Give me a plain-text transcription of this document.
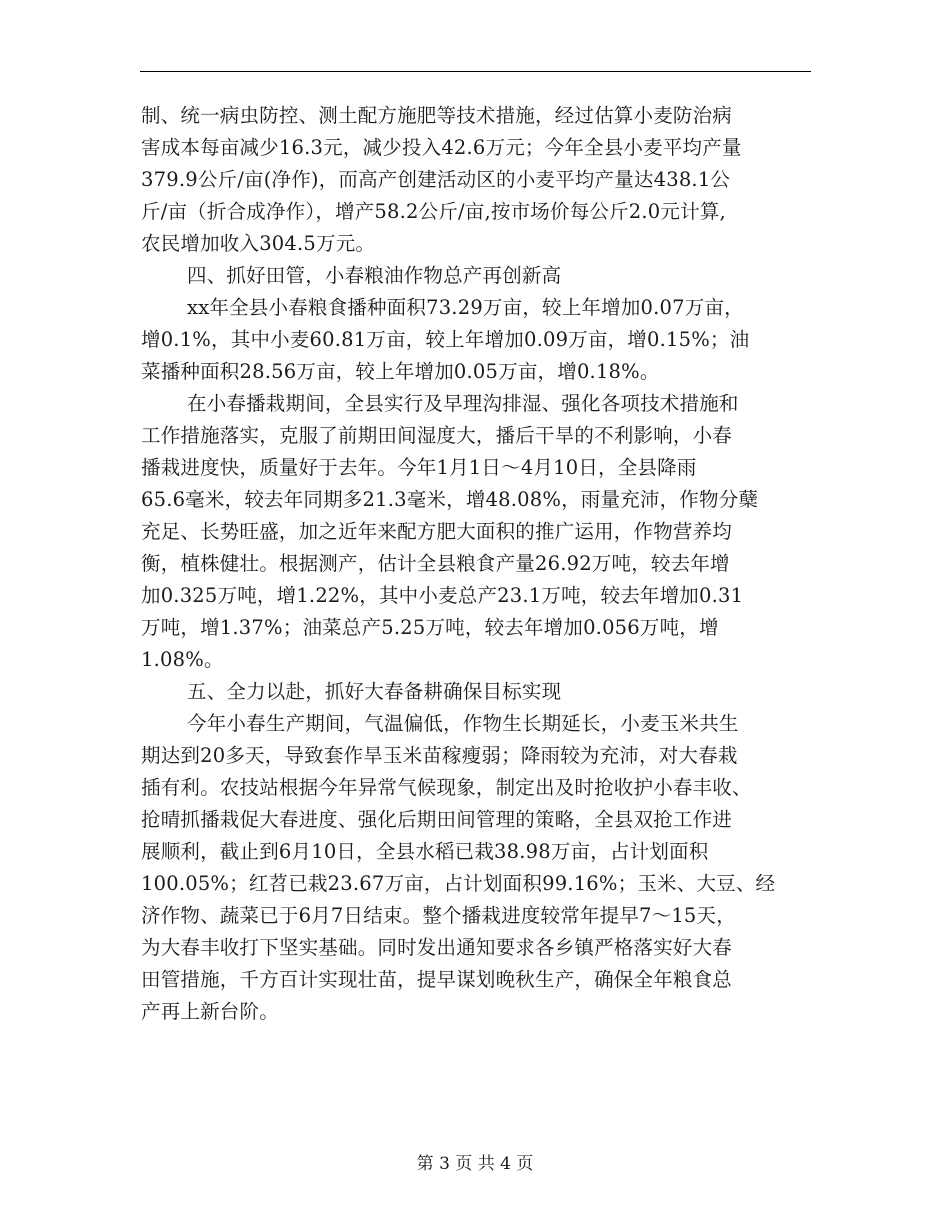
制、统一病虫防控、测土配方施肥等技术措施，经过估算小麦防治病
害成本每亩减少16.3元，减少投入42.6万元；今年全县小麦平均产量
379.9公斤/亩(净作)，而高产创建活动区的小麦平均产量达438.1公
斤/亩（折合成净作），增产58.2公斤/亩,按市场价每公斤2.0元计算,
农民增加收入304.5万元。
四、抓好田管，小春粮油作物总产再创新高
xx年全县小春粮食播种面积73.29万亩，较上年增加0.07万亩，
增0.1%，其中小麦60.81万亩，较上年增加0.09万亩，增0.15%；油
菜播种面积28.56万亩，较上年增加0.05万亩，增0.18%。
在小春播栽期间，全县实行及早理沟排湿、强化各项技术措施和
工作措施落实，克服了前期田间湿度大，播后干旱的不利影响，小春
播栽进度快，质量好于去年。今年1月1日～4月10日，全县降雨
65.6毫米，较去年同期多21.3毫米，增48.08%，雨量充沛，作物分蘖
充足、长势旺盛，加之近年来配方肥大面积的推广运用，作物营养均
衡，植株健壮。根据测产，估计全县粮食产量26.92万吨，较去年增
加0.325万吨，增1.22%，其中小麦总产23.1万吨，较去年增加0.31
万吨，增1.37%；油菜总产5.25万吨，较去年增加0.056万吨，增
1.08%。
五、全力以赴，抓好大春备耕确保目标实现
今年小春生产期间，气温偏低，作物生长期延长，小麦玉米共生
期达到20多天，导致套作旱玉米苗稼瘦弱；降雨较为充沛，对大春栽
插有利。农技站根据今年异常气候现象，制定出及时抢收护小春丰收、
抢晴抓播栽促大春进度、强化后期田间管理的策略，全县双抢工作进
展顺利，截止到6月10日，全县水稻已栽38.98万亩，占计划面积
100.05%；红苕已栽23.67万亩，占计划面积99.16%；玉米、大豆、经
济作物、蔬菜已于6月7日结束。整个播栽进度较常年提早7～15天，
为大春丰收打下坚实基础。同时发出通知要求各乡镇严格落实好大春
田管措施，千方百计实现壮苗，提早谋划晚秋生产，确保全年粮食总
产再上新台阶。
第 3 页 共 4 页
